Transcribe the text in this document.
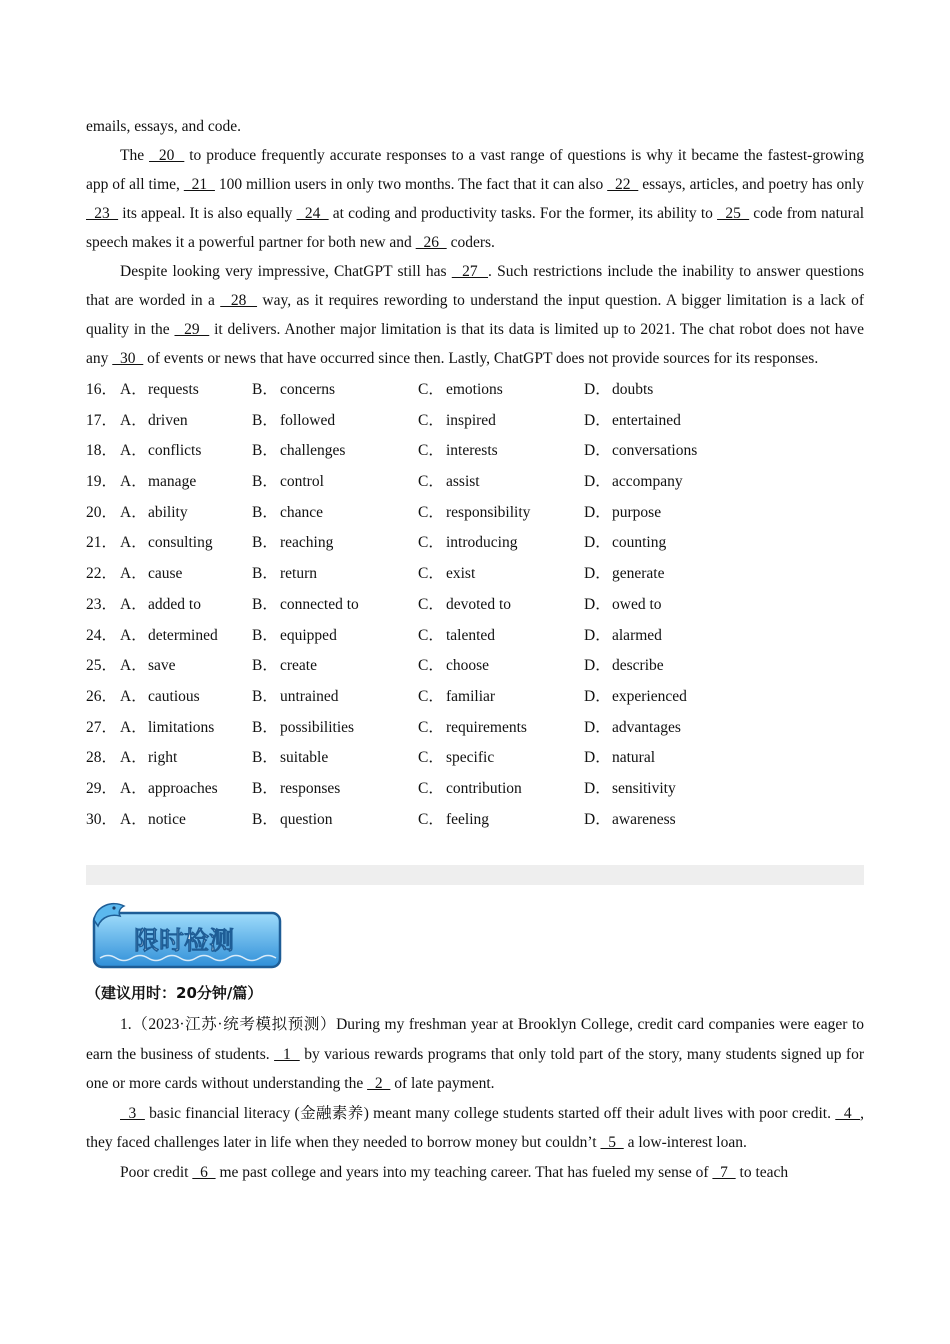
emails, essays, and code.

The   20   to produce frequently accurate responses to a vast range of questions is why it became the fastest-growing app of all time,   21   100 million users in only two months. The fact that it can also   22   essays, articles, and poetry has only   23   its appeal. It is also equally   24   at coding and productivity tasks. For the former, its ability to   25   code from natural speech makes it a powerful partner for both new and   26   coders.

Despite looking very impressive, ChatGPT still has   27  . Such restrictions include the inability to answer questions that are worded in a   28   way, as it requires rewording to understand the input question. A bigger limitation is a lack of quality in the   29   it delivers. Another major limitation is that its data is limited up to 2021. The chat robot does not have any   30   of events or news that have occurred since then. Lastly, ChatGPT does not provide sources for its responses.

16． A． requests	B． concerns	C． emotions	D． doubts
17． A． driven	B． followed	C． inspired	D． entertained
18． A． conflicts	B． challenges	C． interests	D． conversations
19． A． manage	B． control	C． assist	D． accompany
20． A． ability	B． chance	C． responsibility	D． purpose
21． A． consulting	B． reaching	C． introducing	D． counting
22． A． cause	B． return	C． exist	D． generate
23． A． added to	B． connected to	C． devoted to	D． owed to
24． A． determined B． equipped	C． talented	D． alarmed
25． A． save	B． create	C． choose	D． describe
26． A． cautious	B． untrained	C． familiar	D． experienced
27． A． limitations B． possibilities	C． requirements	D． advantages
28． A． right	B． suitable	C． specific	D． natural
29． A． approaches B． responses	C． contribution	D． sensitivity
30． A． notice	B． question	C． feeling	D． awareness
限时检测
（建议用时：20分钟/篇）

1.（2023·江苏·统考模拟预测）During my freshman year at Brooklyn College, credit card companies were eager to earn the business of students.   1   by various rewards programs that only told part of the story, many students signed up for one or more cards without understanding the   2   of late payment.

3   basic financial literacy (金融素养) meant many college students started off their adult lives with poor credit.   4  , they faced challenges later in life when they needed to borrow money but couldn’t   5   a low-interest loan.

Poor credit   6   me past college and years into my teaching career. That has fueled my sense of   7   to teach
